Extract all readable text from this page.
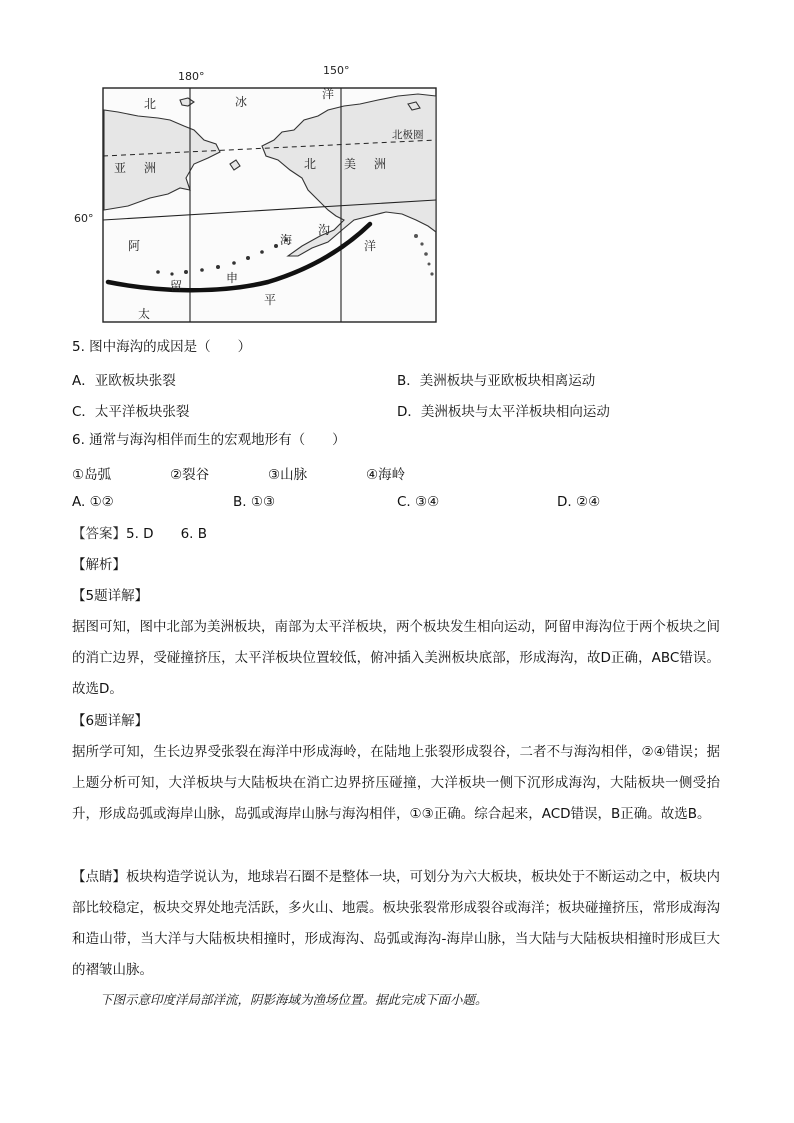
180°	150°
60°
北极圈
北	冰
洋
亚 洲	北 美 洲
阿
留
申
海
沟
太
平
洋
5. 图中海沟的成因是（　　）
A．亚欧板块张裂	B．美洲板块与亚欧板块相离运动
C．太平洋板块张裂	D．美洲板块与太平洋板块相向运动
6. 通常与海沟相伴而生的宏观地形有（　　）
①岛弧	②裂谷	③山脉	④海岭
A. ①②	B. ①③	C. ③④	D. ②④
【答案】5. D　　6. B
【解析】
【5题详解】
据图可知，图中北部为美洲板块，南部为太平洋板块，两个板块发生相向运动，阿留申海沟位于两个板块之间的消亡边界，受碰撞挤压，太平洋板块位置较低，俯冲插入美洲板块底部，形成海沟，故D正确，ABC错误。故选D。
【6题详解】
据所学可知，生长边界受张裂在海洋中形成海岭，在陆地上张裂形成裂谷，二者不与海沟相伴，②④错误；据上题分析可知，大洋板块与大陆板块在消亡边界挤压碰撞，大洋板块一侧下沉形成海沟，大陆板块一侧受抬升，形成岛弧或海岸山脉，岛弧或海岸山脉与海沟相伴，①③正确。综合起来，ACD错误，B正确。故选B。
【点睛】板块构造学说认为，地球岩石圈不是整体一块，可划分为六大板块，板块处于不断运动之中，板块内部比较稳定，板块交界处地壳活跃，多火山、地震。板块张裂常形成裂谷或海洋；板块碰撞挤压，常形成海沟和造山带，当大洋与大陆板块相撞时，形成海沟、岛弧或海沟-海岸山脉，当大陆与大陆板块相撞时形成巨大的褶皱山脉。
下图示意印度洋局部洋流，阴影海域为渔场位置。据此完成下面小题。
